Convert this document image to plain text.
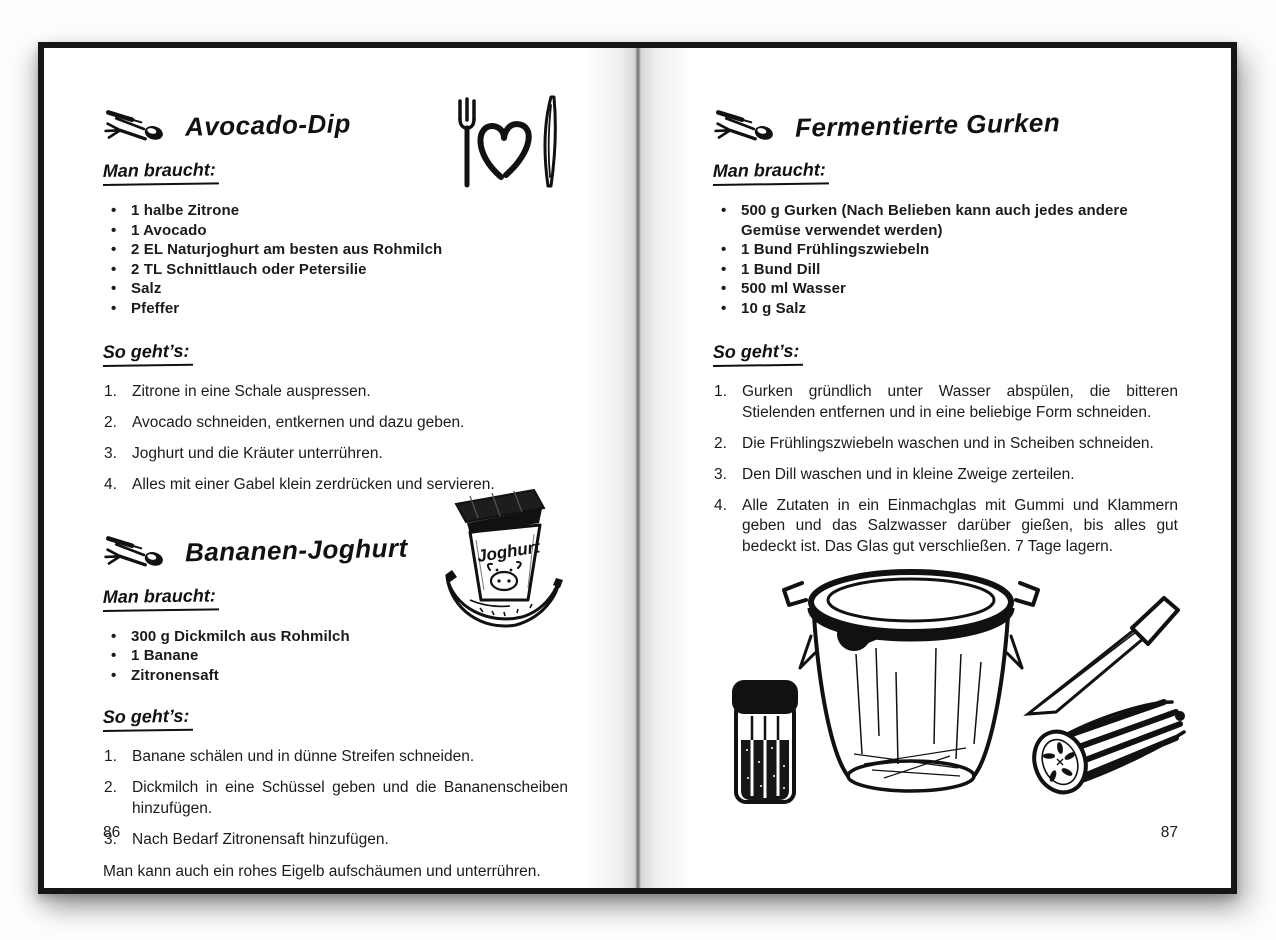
Avocado-Dip
Man braucht:
• 1 halbe Zitrone
• 1 Avocado
• 2 EL Naturjoghurt am besten aus Rohmilch
• 2 TL Schnittlauch oder Petersilie
• Salz
• Pfeffer
So geht’s:
Zitrone in eine Schale auspressen.
Avocado schneiden, entkernen und dazu geben.
Joghurt und die Kräuter unterrühren.
Alles mit einer Gabel klein zerdrücken und servieren.
Bananen-Joghurt
Man braucht:
• 300 g Dickmilch aus Rohmilch
• 1 Banane
• Zitronensaft
So geht’s:
Banane schälen und in dünne Streifen schneiden.
Dickmilch in eine Schüssel geben und die Bananenscheiben hinzufügen.
Nach Bedarf Zitronensaft hinzufügen.

Man kann auch ein rohes Eigelb aufschäumen und unterrühren.

Joghurt
86
Fermentierte Gurken
Man braucht:
• 500 g Gurken (Nach Belieben kann auch jedes andere Gemüse verwendet werden)
• 1 Bund Frühlingszwiebeln
• 1 Bund Dill
• 500 ml Wasser
• 10 g Salz
So geht’s:
Gurken gründlich unter Wasser abspülen, die bitteren Stielenden entfernen und in eine beliebige Form schneiden.
Die Frühlingszwiebeln waschen und in Scheiben schneiden.
Den Dill waschen und in kleine Zweige zerteilen.
Alle Zutaten in ein Einmachglas mit Gummi und Klammern geben und das Salzwasser darüber gießen, bis alles gut bedeckt ist. Das Glas gut verschließen. 7 Tage lagern.
87
